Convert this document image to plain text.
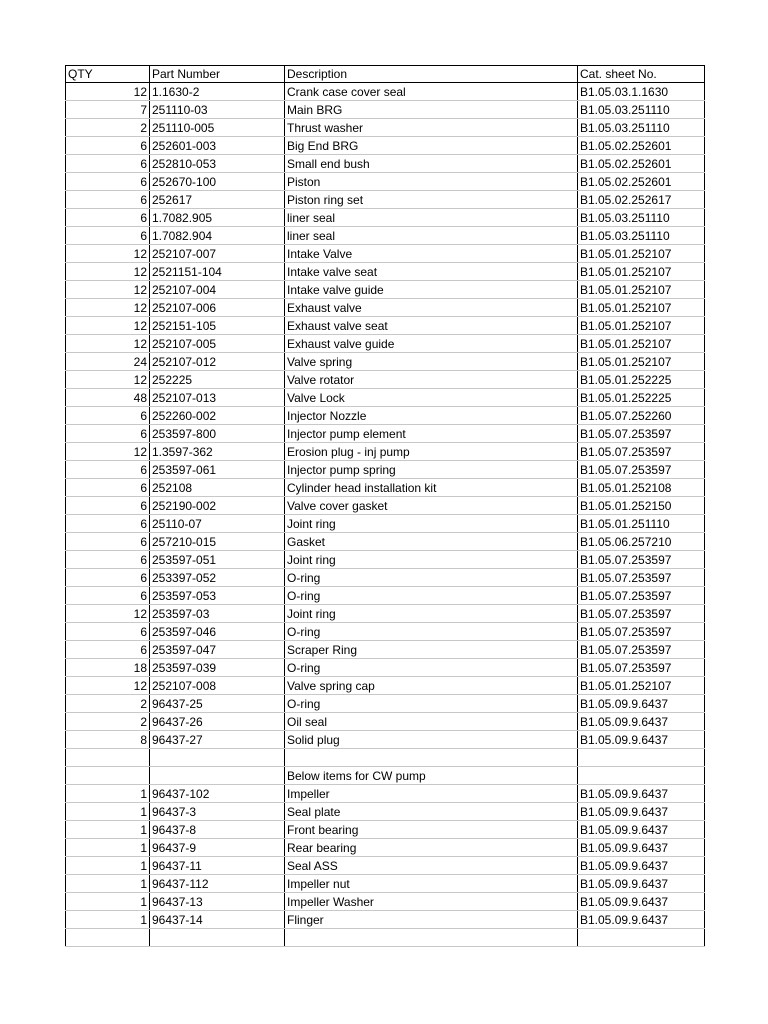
QTY	Part Number	Description	Cat. sheet No.
12	1.1630-2	Crank case cover seal	B1.05.03.1.1630
7	251110-03	Main BRG	B1.05.03.251110
2	251110-005	Thrust washer	B1.05.03.251110
6	252601-003	Big End BRG	B1.05.02.252601
6	252810-053	Small end bush	B1.05.02.252601
6	252670-100	Piston	B1.05.02.252601
6	252617	Piston ring set	B1.05.02.252617
6	1.7082.905	liner seal	B1.05.03.251110
6	1.7082.904	liner seal	B1.05.03.251110
12	252107-007	Intake Valve	B1.05.01.252107
12	2521151-104	Intake valve seat	B1.05.01.252107
12	252107-004	Intake valve guide	B1.05.01.252107
12	252107-006	Exhaust valve	B1.05.01.252107
12	252151-105	Exhaust valve seat	B1.05.01.252107
12	252107-005	Exhaust valve guide	B1.05.01.252107
24	252107-012	Valve spring	B1.05.01.252107
12	252225	Valve rotator	B1.05.01.252225
48	252107-013	Valve Lock	B1.05.01.252225
6	252260-002	Injector Nozzle	B1.05.07.252260
6	253597-800	Injector pump element	B1.05.07.253597
12	1.3597-362	Erosion plug - inj pump	B1.05.07.253597
6	253597-061	Injector pump spring	B1.05.07.253597
6	252108	Cylinder head installation kit	B1.05.01.252108
6	252190-002	Valve cover gasket	B1.05.01.252150
6	25110-07	Joint ring	B1.05.01.251110
6	257210-015	Gasket	B1.05.06.257210
6	253597-051	Joint ring	B1.05.07.253597
6	253397-052	O-ring	B1.05.07.253597
6	253597-053	O-ring	B1.05.07.253597
12	253597-03	Joint ring	B1.05.07.253597
6	253597-046	O-ring	B1.05.07.253597
6	253597-047	Scraper Ring	B1.05.07.253597
18	253597-039	O-ring	B1.05.07.253597
12	252107-008	Valve spring cap	B1.05.01.252107
2	96437-25	O-ring	B1.05.09.9.6437
2	96437-26	Oil seal	B1.05.09.9.6437
8	96437-27	Solid plug	B1.05.09.9.6437

		Below items for CW pump	
1	96437-102	Impeller	B1.05.09.9.6437
1	96437-3	Seal plate	B1.05.09.9.6437
1	96437-8	Front bearing	B1.05.09.9.6437
1	96437-9	Rear bearing	B1.05.09.9.6437
1	96437-11	Seal ASS	B1.05.09.9.6437
1	96437-112	Impeller nut	B1.05.09.9.6437
1	96437-13	Impeller Washer	B1.05.09.9.6437
1	96437-14	Flinger	B1.05.09.9.6437
